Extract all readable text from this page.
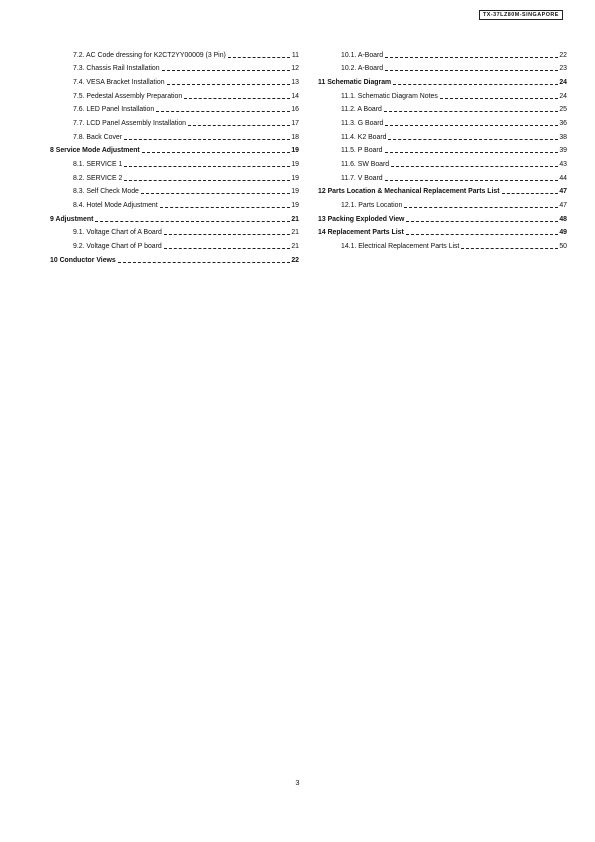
TX-37LZ80M-SINGAPORE
7.2. AC Code dressing for K2CT2YY00009 (3 Pin)	11
7.3. Chassis Rail Installation	12
7.4. VESA Bracket Installation	13
7.5. Pedestal Assembly Preparation	14
7.6. LED Panel Installation	16
7.7. LCD Panel Assembly Installation	17
7.8. Back Cover	18
8 Service Mode Adjustment	19
8.1. SERVICE 1	19
8.2. SERVICE 2	19
8.3. Self Check Mode	19
8.4. Hotel Mode Adjustment	19
9 Adjustment	21
9.1. Voltage Chart of A Board	21
9.2. Voltage Chart of P board	21
10 Conductor Views	22
10.1. A-Board	22
10.2. A-Board	23
11 Schematic Diagram	24
11.1. Schematic Diagram Notes	24
11.2. A Board	25
11.3. G Board	36
11.4. K2 Board	38
11.5. P Board	39
11.6. SW Board	43
11.7. V Board	44
12 Parts Location & Mechanical Replacement Parts List	47
12.1. Parts Location	47
13 Packing Exploded View	48
14 Replacement Parts List	49
14.1. Electrical Replacement Parts List	50
3
